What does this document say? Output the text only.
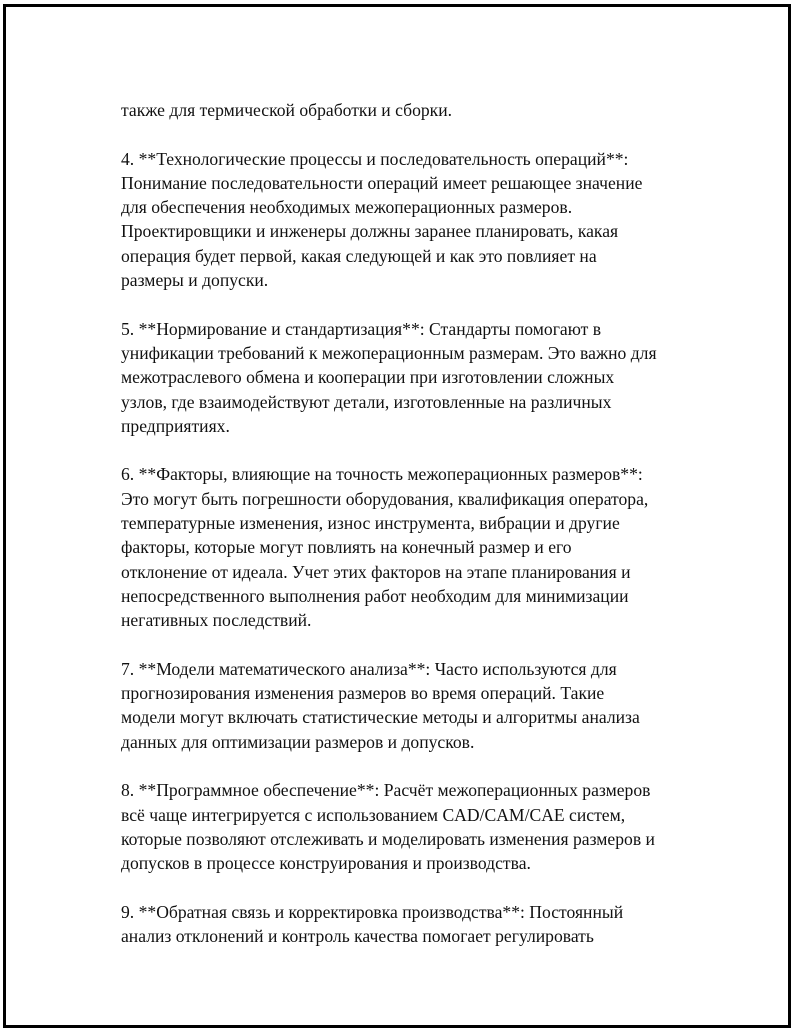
также для термической обработки и сборки.

4. **Технологические процессы и последовательность операций**:
Понимание последовательности операций имеет решающее значение
для обеспечения необходимых межоперационных размеров.
Проектировщики и инженеры должны заранее планировать, какая
операция будет первой, какая следующей и как это повлияет на
размеры и допуски.

5. **Нормирование и стандартизация**: Стандарты помогают в
унификации требований к межоперационным размерам. Это важно для
межотраслевого обмена и кооперации при изготовлении сложных
узлов, где взаимодействуют детали, изготовленные на различных
предприятиях.

6. **Факторы, влияющие на точность межоперационных размеров**:
Это могут быть погрешности оборудования, квалификация оператора,
температурные изменения, износ инструмента, вибрации и другие
факторы, которые могут повлиять на конечный размер и его
отклонение от идеала. Учет этих факторов на этапе планирования и
непосредственного выполнения работ необходим для минимизации
негативных последствий.

7. **Модели математического анализа**: Часто используются для
прогнозирования изменения размеров во время операций. Такие
модели могут включать статистические методы и алгоритмы анализа
данных для оптимизации размеров и допусков.

8. **Программное обеспечение**: Расчёт межоперационных размеров
всё чаще интегрируется с использованием CAD/CAM/CAE систем,
которые позволяют отслеживать и моделировать изменения размеров и
допусков в процессе конструирования и производства.

9. **Обратная связь и корректировка производства**: Постоянный
анализ отклонений и контроль качества помогает регулировать
